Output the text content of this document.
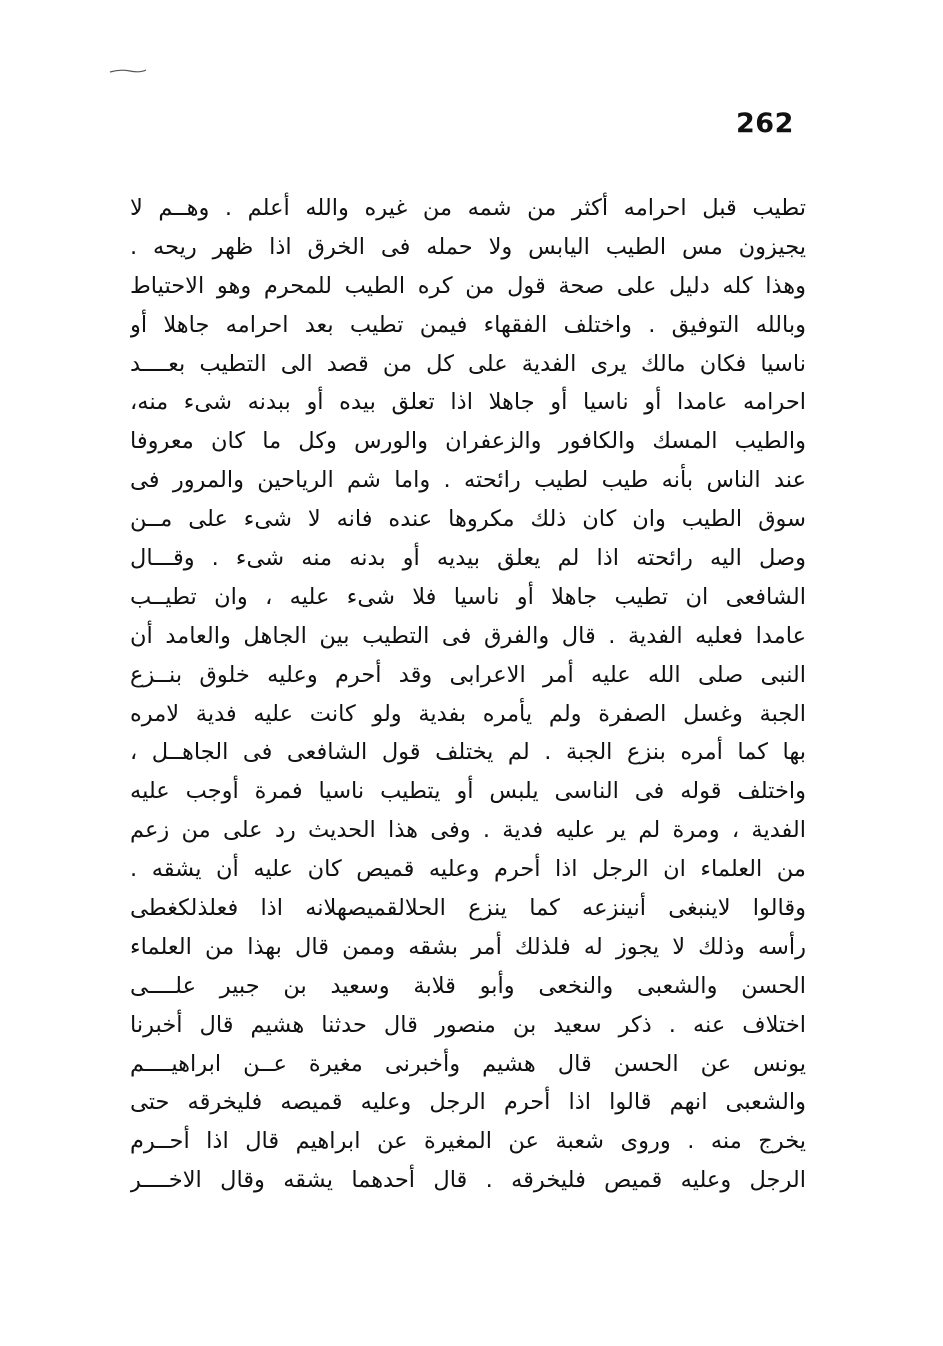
262
تطيب قبل احرامه أكثر من شمه من غيره والله أعلم . وهــم لا
يجيزون مس الطيب اليابس ولا حمله فى الخرق اذا ظهر ريحه .
وهذا كله دليل على صحة قول من كره الطيب للمحرم وهو الاحتياط
وبالله التوفيق . واختلف الفقهاء فيمن تطيب بعد احرامه جاهلا أو
ناسيا فكان مالك يرى الفدية على كل من قصد الى التطيب بعــــد
احرامه عامدا أو ناسيا أو جاهلا اذا تعلق بيده أو ببدنه شىء منه،
والطيب المسك والكافور والزعفران والورس وكل ما كان معروفا
عند الناس بأنه طيب لطيب رائحته . واما شم الرياحين والمرور فى
سوق الطيب وان كان ذلك مكروها عنده فانه لا شىء على مــن
وصل اليه رائحته اذا لم يعلق بيديه أو بدنه منه شىء . وقـــال
الشافعى ان تطيب جاهلا أو ناسيا فلا شىء عليه ، وان تطيــب
عامدا فعليه الفدية . قال والفرق فى التطيب بين الجاهل والعامد أن
النبى صلى الله عليه أمر الاعرابى وقد أحرم وعليه خلوق بنــزع
الجبة وغسل الصفرة ولم يأمره بفدية ولو كانت عليه فدية لامره
بها كما أمره بنزع الجبة . لم يختلف قول الشافعى فى الجاهــل ،
واختلف قوله فى الناسى يلبس أو يتطيب ناسيا فمرة أوجب عليه
الفدية ، ومرة لم ير عليه فدية . وفى هذا الحديث رد على من زعم
من العلماء ان الرجل اذا أحرم وعليه قميص كان عليه أن يشقه .
وقالوا لاينبغى أنينزعه كما ينزع الحلالقميصهلانه اذا فعلذلكغطى
رأسه وذلك لا يجوز له فلذلك أمر بشقه وممن قال بهذا من العلماء
الحسن والشعبى والنخعى وأبو قلابة وسعيد بن جبير علــــى
اختلاف عنه . ذكر سعيد بن منصور قال حدثنا هشيم قال أخبرنا
يونس عن الحسن قال هشيم وأخبرنى مغيرة عــن ابراهيــــم
والشعبى انهم قالوا اذا أحرم الرجل وعليه قميصه فليخرقه حتى
يخرج منه . وروى شعبة عن المغيرة عن ابراهيم قال اذا أحــرم
الرجل وعليه قميص فليخرقه . قال أحدهما يشقه وقال الاخــــر
